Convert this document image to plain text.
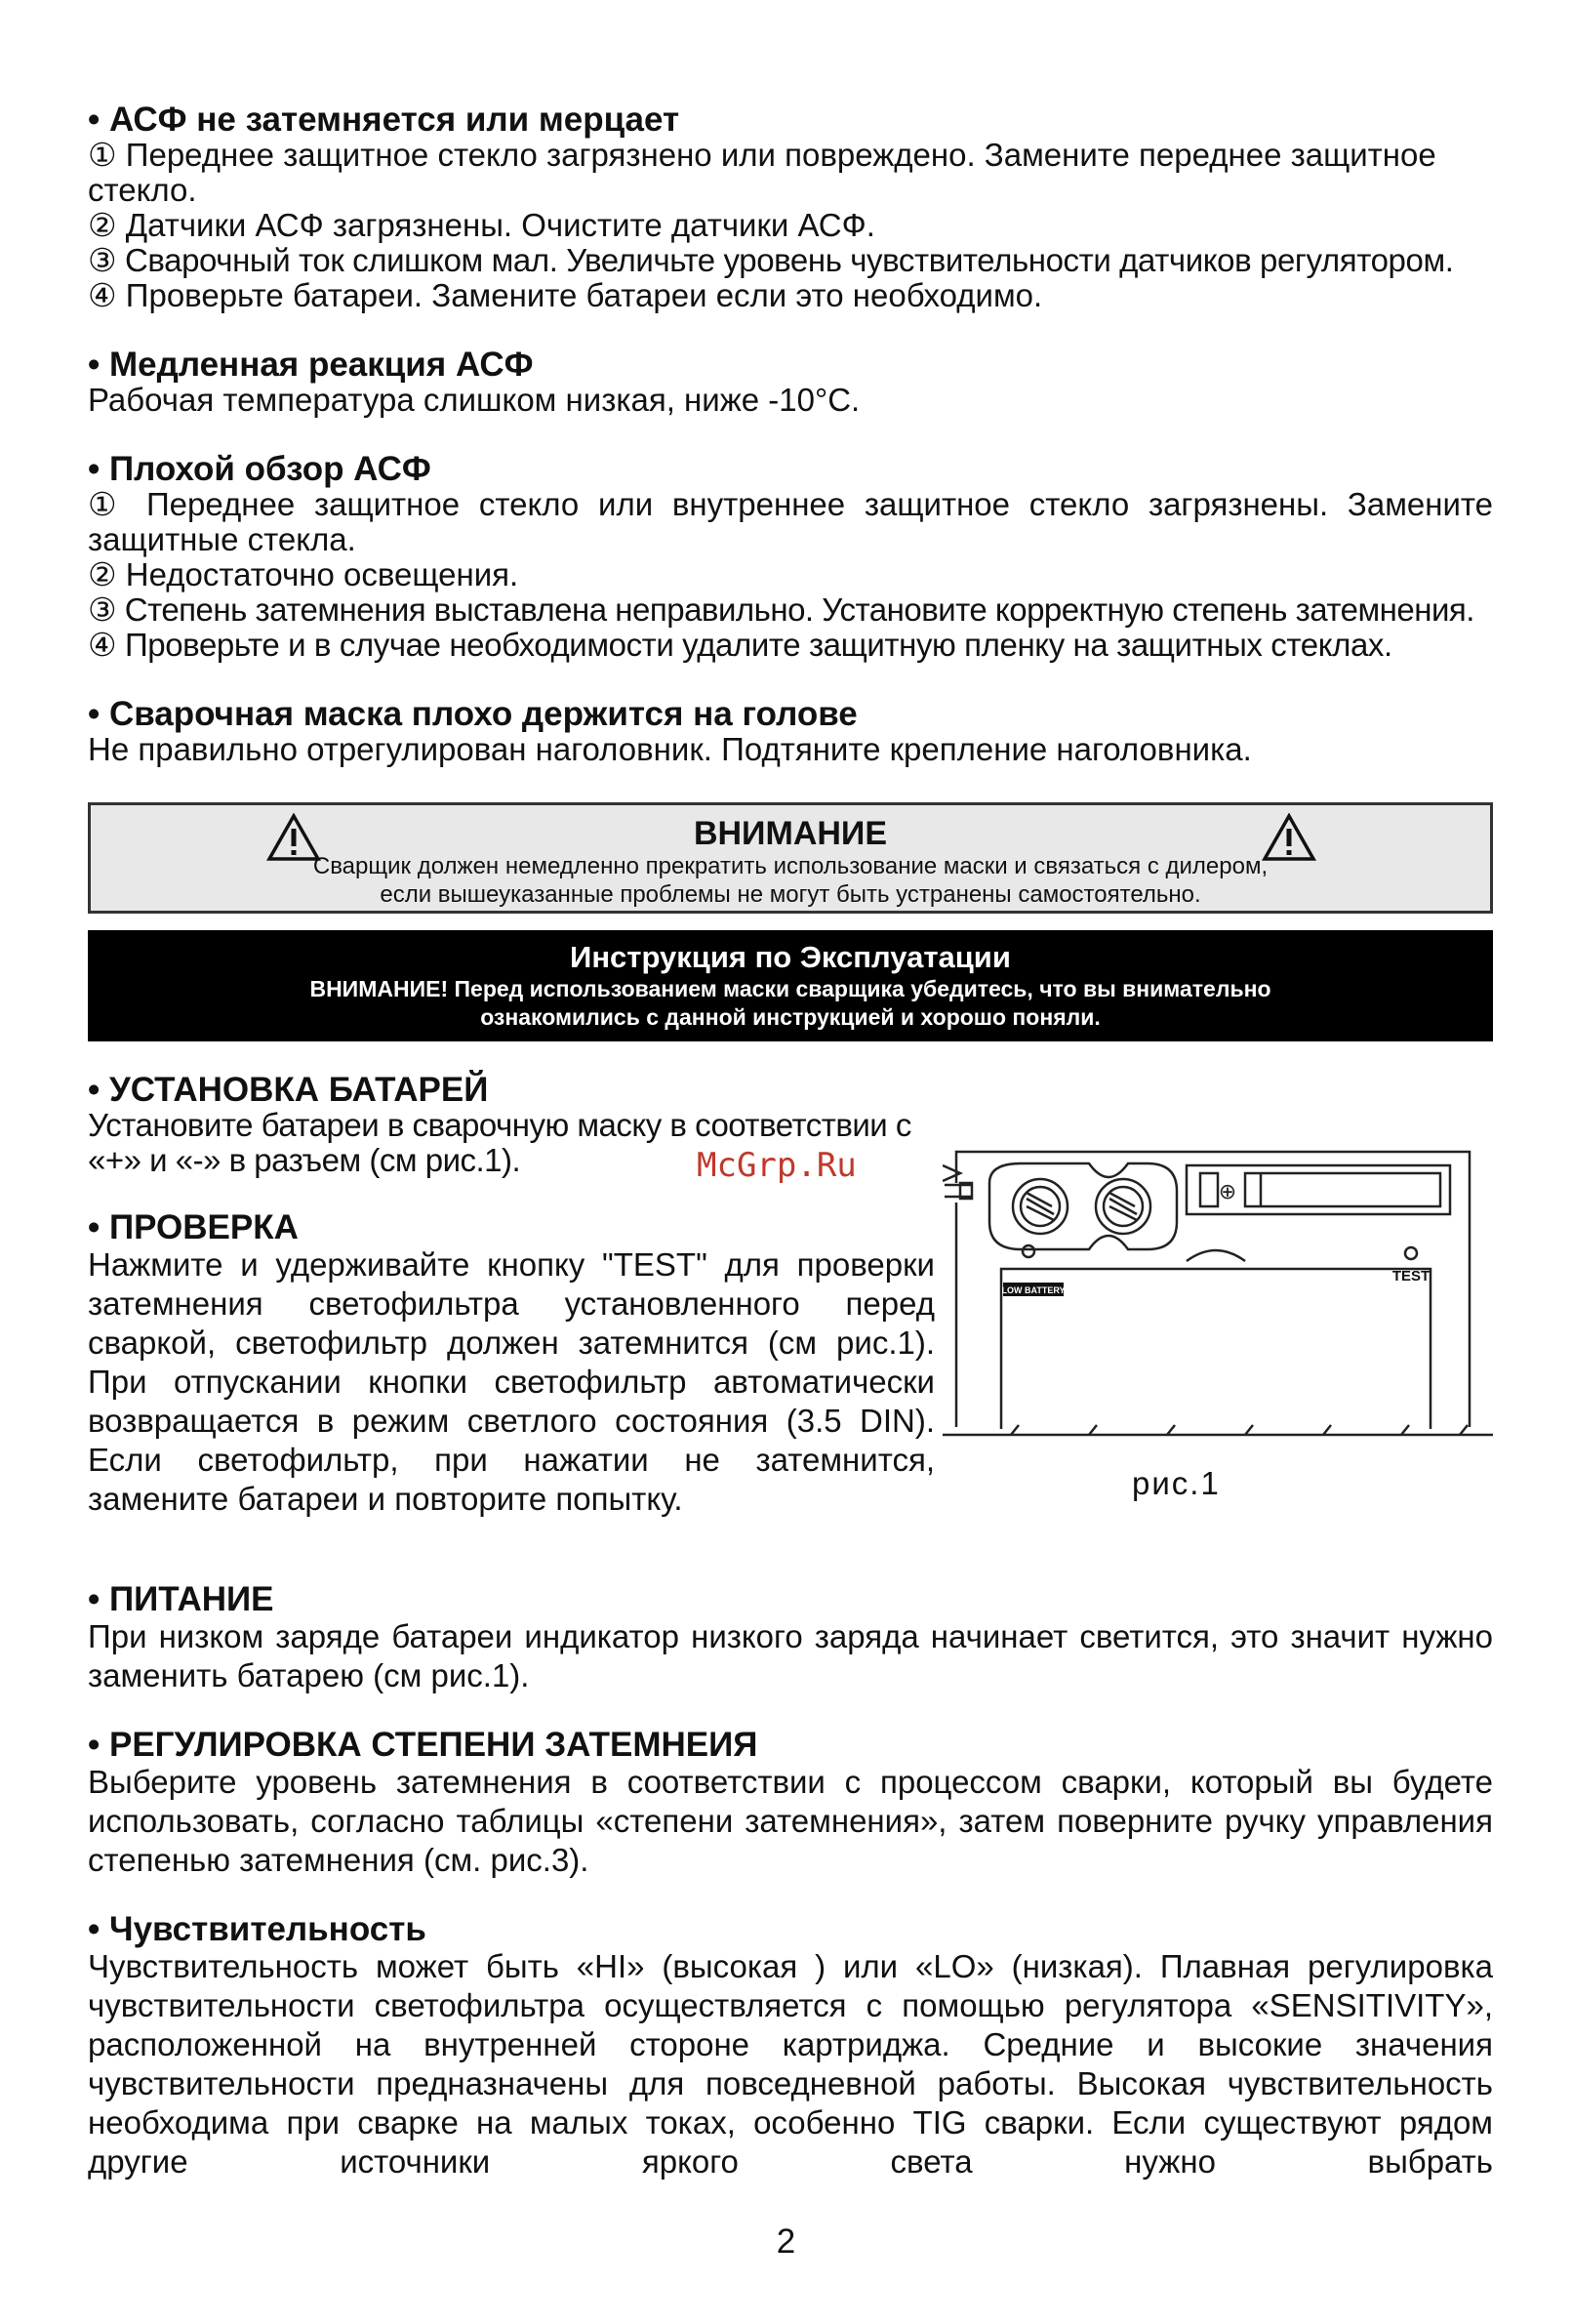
• АСФ не затемняется или мерцает

① Переднее защитное стекло загрязнено или повреждено. Замените переднее защитное стекло.

② Датчики АСФ загрязнены. Очистите датчики АСФ.

③ Сварочный ток слишком мал. Увеличьте уровень чувствительности датчиков регулятором.

④ Проверьте батареи. Замените батареи если это необходимо.

• Медленная реакция АСФ

Рабочая температура слишком низкая, ниже -10°С.

• Плохой обзор АСФ

① Переднее защитное стекло или внутреннее защитное стекло загрязнены. Замените защитные стекла.

② Недостаточно освещения.

③ Степень затемнения выставлена неправильно. Установите корректную степень затемнения.

④ Проверьте и в случае необходимости удалите защитную пленку на защитных стеклах.

• Сварочная маска плохо держится на голове

Не правильно отрегулирован наголовник. Подтяните крепление наголовника.

ВНИМАНИЕ
Сварщик должен немедленно прекратить использование маски и связаться с дилером,
если вышеуказанные проблемы не могут быть устранены самостоятельно.
Инструкция по Эксплуатации
ВНИМАНИЕ! Перед использованием маски сварщика убедитесь, что вы внимательно
ознакомились с данной инструкцией и хорошо поняли.

• УСТАНОВКА БАТАРЕЙ

Установите батареи в сварочную маску в соответствии с «+» и «-» в разъем (см рис.1).

• ПРОВЕРКА

Нажмите и удерживайте кнопку "TEST" для проверки затемнения светофильтра установленного перед сваркой, светофильтр должен затемнится (см рис.1). При отпускании кнопки светофильтр автоматически возвращается в режим светлого состояния (3.5 DIN). Если светофильтр, при нажатии не затемнится, замените батареи и повторите попытку.

McGrp.Ru
⊕
TEST
LOW BATTERY
рис.1

• ПИТАНИЕ

При низком заряде батареи индикатор низкого заряда начинает светится, это значит нужно заменить батарею (см рис.1).

• РЕГУЛИРОВКА СТЕПЕНИ ЗАТЕМНЕИЯ

Выберите уровень затемнения в соответствии с процессом сварки, который вы будете использовать, согласно таблицы «степени затемнения», затем поверните ручку управления степенью затемнения (см. рис.3).

• Чувствительность

Чувствительность может быть «HI» (высокая ) или «LO» (низкая). Плавная регулировка чувствительности светофильтра осуществляется с помощью регулятора «SENSITIVITY», расположенной на внутренней стороне картриджа. Средние и высокие значения чувствительности предназначены для повседневной работы. Высокая чувствительность необходима при сварке на малых токах, особенно TIG сварки. Если существуют рядом другие источники яркого света нужно выбрать

2
